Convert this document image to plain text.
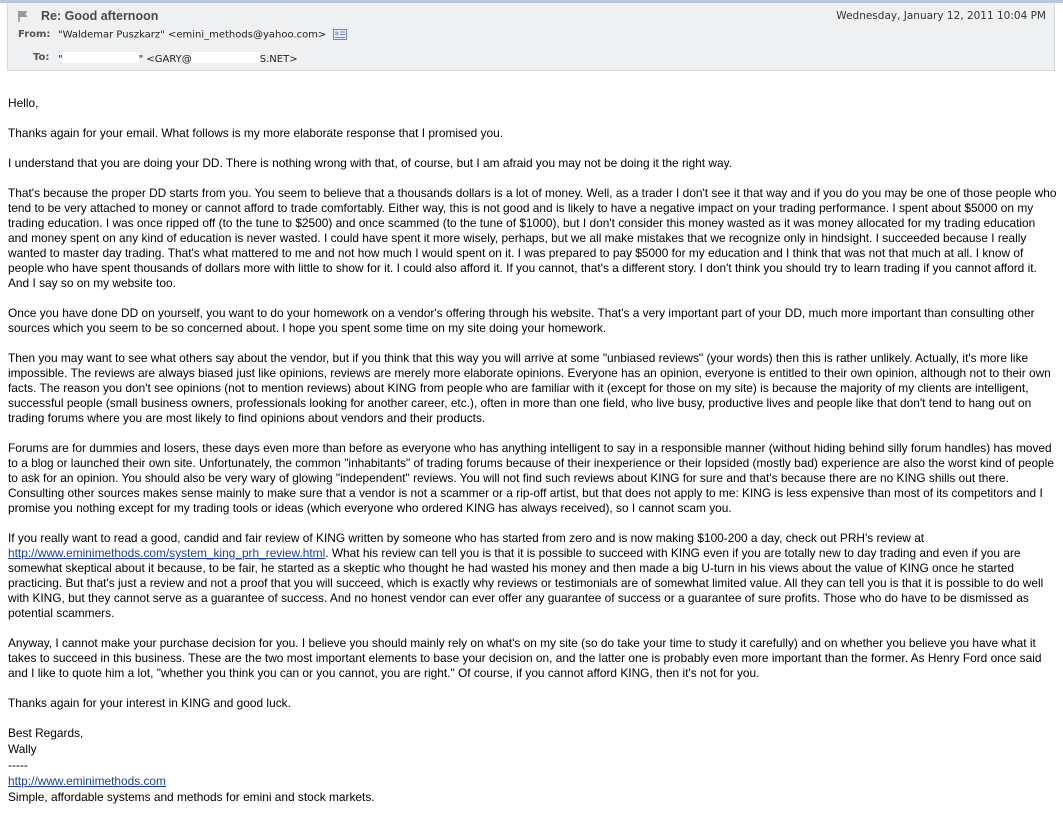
Re: Good afternoon	Wednesday, January 12, 2011 10:04 PM
From: "Waldemar Puszkarz" <emini_methods@yahoo.com>
To: "	" <GARY@	S.NET>

Hello,

Thanks again for your email. What follows is my more elaborate response that I promised you.

I understand that you are doing your DD. There is nothing wrong with that, of course, but I am afraid you may not be doing it the right way.

That's because the proper DD starts from you. You seem to believe that a thousands dollars is a lot of money. Well, as a trader I don't see it that way and if you do you may be one of those people who tend to be very attached to money or cannot afford to trade comfortably. Either way, this is not good and is likely to have a negative impact on your trading performance. I spent about $5000 on my trading education. I was once ripped off (to the tune to $2500) and once scammed (to the tune of $1000), but I don't consider this money wasted as it was money allocated for my trading education and money spent on any kind of education is never wasted. I could have spent it more wisely, perhaps, but we all make mistakes that we recognize only in hindsight. I succeeded because I really wanted to master day trading. That's what mattered to me and not how much I would spent on it. I was prepared to pay $5000 for my education and I think that was not that much at all. I know of people who have spent thousands of dollars more with little to show for it. I could also afford it. If you cannot, that's a different story. I don't think you should try to learn trading if you cannot afford it. And I say so on my website too.

Once you have done DD on yourself, you want to do your homework on a vendor's offering through his website. That's a very important part of your DD, much more important than consulting other sources which you seem to be so concerned about. I hope you spent some time on my site doing your homework.

Then you may want to see what others say about the vendor, but if you think that this way you will arrive at some "unbiased reviews" (your words) then this is rather unlikely. Actually, it's more like impossible. The reviews are always biased just like opinions, reviews are merely more elaborate opinions. Everyone has an opinion, everyone is entitled to their own opinion, although not to their own facts. The reason you don't see opinions (not to mention reviews) about KING from people who are familiar with it (except for those on my site) is because the majority of my clients are intelligent, successful people (small business owners, professionals looking for another career, etc.), often in more than one field, who live busy, productive lives and people like that don't tend to hang out on trading forums where you are most likely to find opinions about vendors and their products.

Forums are for dummies and losers, these days even more than before as everyone who has anything intelligent to say in a responsible manner (without hiding behind silly forum handles) has moved to a blog or launched their own site. Unfortunately, the common "inhabitants" of trading forums because of their inexperience or their lopsided (mostly bad) experience are also the worst kind of people to ask for an opinion. You should also be very wary of glowing "independent" reviews. You will not find such reviews about KING for sure and that's because there are no KING shills out there. Consulting other sources makes sense mainly to make sure that a vendor is not a scammer or a rip-off artist, but that does not apply to me: KING is less expensive than most of its competitors and I promise you nothing except for my trading tools or ideas (which everyone who ordered KING has always received), so I cannot scam you.

If you really want to read a good, candid and fair review of KING written by someone who has started from zero and is now making $100-200 a day, check out PRH's review at http://www.eminimethods.com/system_king_prh_review.html. What his review can tell you is that it is possible to succeed with KING even if you are totally new to day trading and even if you are somewhat skeptical about it because, to be fair, he started as a skeptic who thought he had wasted his money and then made a big U-turn in his views about the value of KING once he started practicing. But that's just a review and not a proof that you will succeed, which is exactly why reviews or testimonials are of somewhat limited value. All they can tell you is that it is possible to do well with KING, but they cannot serve as a guarantee of success. And no honest vendor can ever offer any guarantee of success or a guarantee of sure profits. Those who do have to be dismissed as potential scammers.

Anyway, I cannot make your purchase decision for you. I believe you should mainly rely on what's on my site (so do take your time to study it carefully) and on whether you believe you have what it takes to succeed in this business. These are the two most important elements to base your decision on, and the latter one is probably even more important than the former. As Henry Ford once said and I like to quote him a lot, "whether you think you can or you cannot, you are right." Of course, if you cannot afford KING, then it's not for you.

Thanks again for your interest in KING and good luck.

Best Regards,

Wally

-----

http://www.eminimethods.com

Simple, affordable systems and methods for emini and stock markets.
